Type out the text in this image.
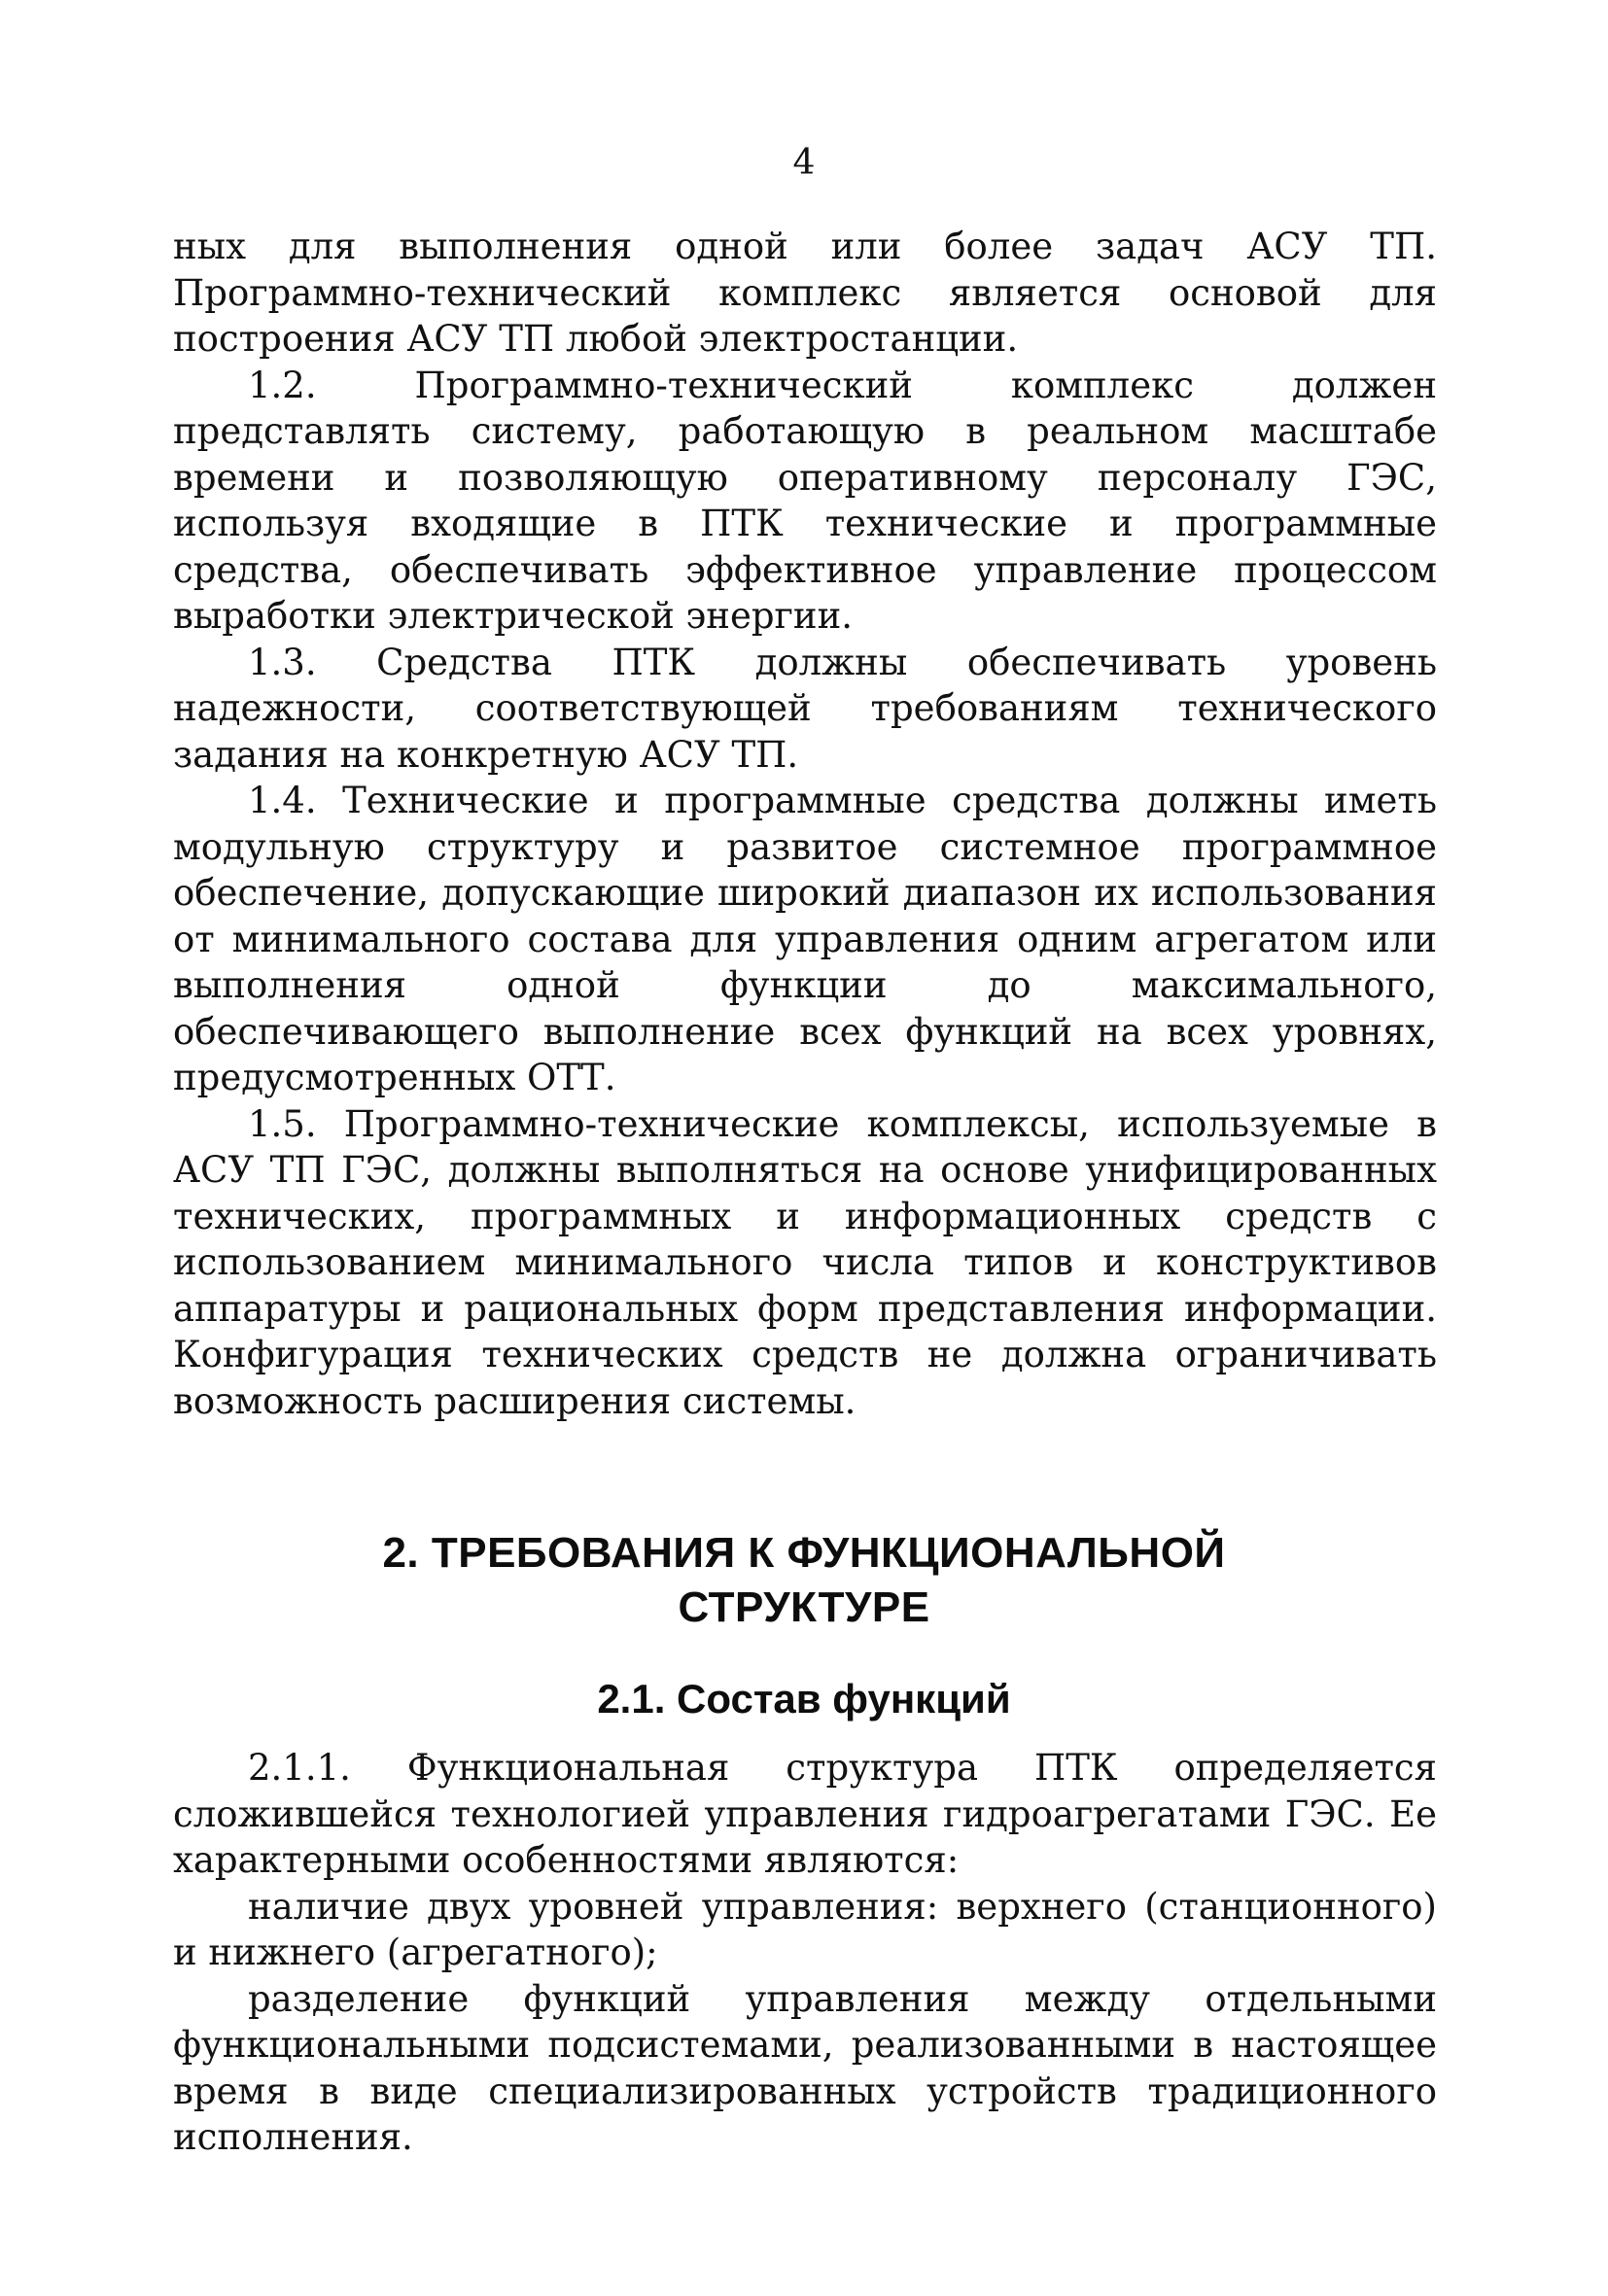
4

ных для выполнения одной или более задач АСУ ТП. Программно-технический комплекс является основой для построения АСУ ТП любой электростанции.

1.2. Программно-технический комплекс должен представлять систему, работающую в реальном масштабе времени и позволяющую оперативному персоналу ГЭС, используя входящие в ПТК технические и программные средства, обеспечивать эффективное управление процессом выработки электрической энергии.

1.3. Средства ПТК должны обеспечивать уровень надежности, соответствующей требованиям технического задания на конкретную АСУ ТП.

1.4. Технические и программные средства должны иметь модульную структуру и развитое системное программное обеспечение, допускающие широкий диапазон их использования от минимального состава для управления одним агрегатом или выполнения одной функции до максимального, обеспечивающего выполнение всех функций на всех уровнях, предусмотренных ОТТ.

1.5. Программно-технические комплексы, используемые в АСУ ТП ГЭС, должны выполняться на основе унифицированных технических, программных и информационных средств с использованием минимального числа типов и конструктивов аппаратуры и рациональных форм представления информации. Конфигурация технических средств не должна ограничивать возможность расширения системы.

2. ТРЕБОВАНИЯ К ФУНКЦИОНАЛЬНОЙ
СТРУКТУРЕ
2.1. Состав функций

2.1.1. Функциональная структура ПТК определяется сложившейся технологией управления гидроагрегатами ГЭС. Ее характерными особенностями являются:

наличие двух уровней управления: верхнего (станционного) и нижнего (агрегатного);

разделение функций управления между отдельными функциональными подсистемами, реализованными в настоящее время в виде специализированных устройств традиционного исполнения.
